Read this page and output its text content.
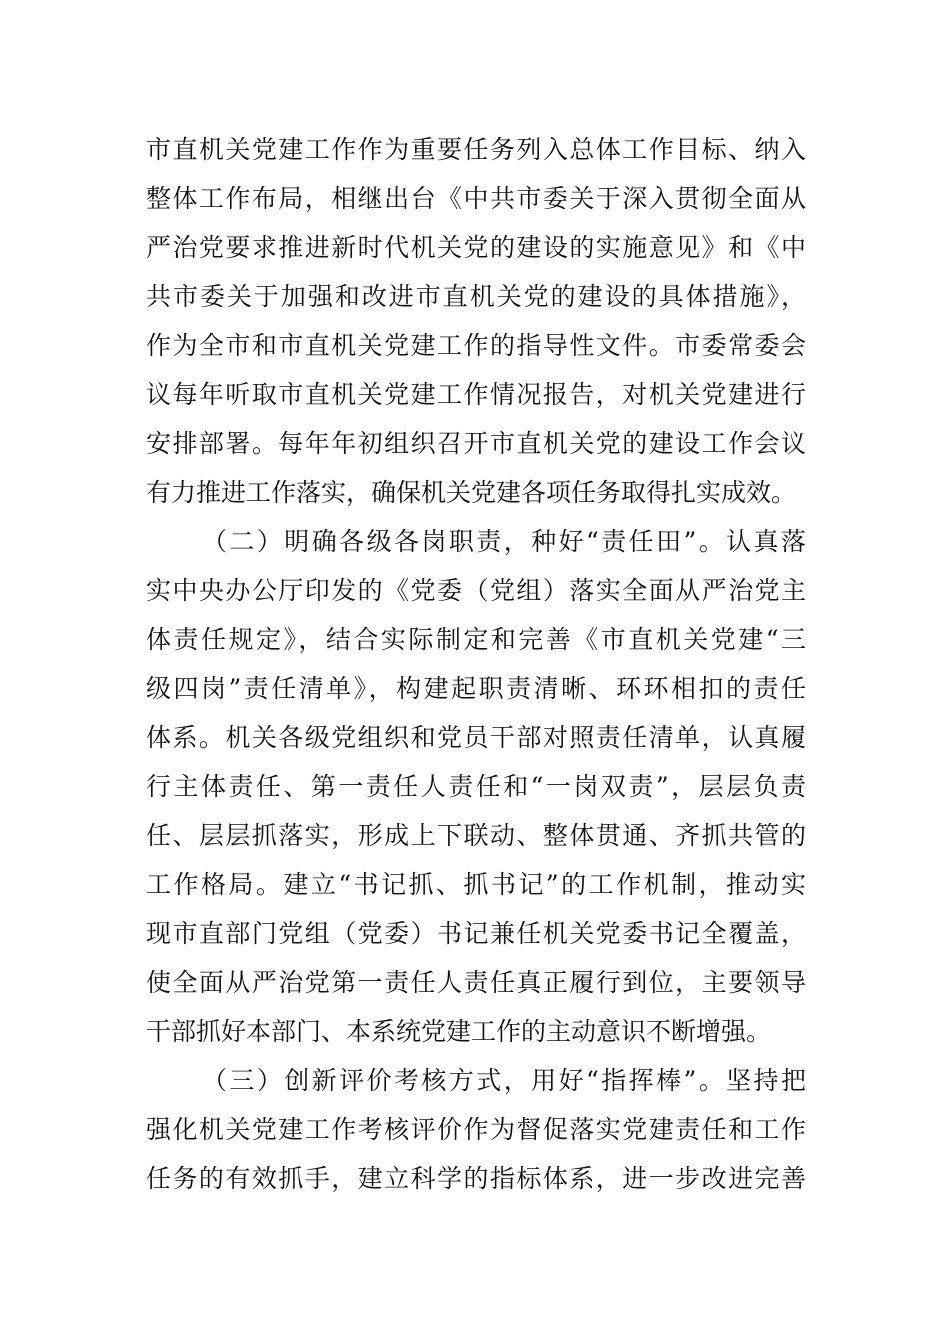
市直机关党建工作作为重要任务列入总体工作目标、纳入
整体工作布局，相继出台《中共市委关于深入贯彻全面从
严治党要求推进新时代机关党的建设的实施意见》和《中
共市委关于加强和改进市直机关党的建设的具体措施》，
作为全市和市直机关党建工作的指导性文件。市委常委会
议每年听取市直机关党建工作情况报告，对机关党建进行
安排部署。每年年初组织召开市直机关党的建设工作会议
有力推进工作落实，确保机关党建各项任务取得扎实成效。
（二）明确各级各岗职责，种好“责任田”。认真落
实中央办公厅印发的《党委（党组）落实全面从严治党主
体责任规定》，结合实际制定和完善《市直机关党建“三
级四岗”责任清单》，构建起职责清晰、环环相扣的责任
体系。机关各级党组织和党员干部对照责任清单，认真履
行主体责任、第一责任人责任和“一岗双责”，层层负责
任、层层抓落实，形成上下联动、整体贯通、齐抓共管的
工作格局。建立“书记抓、抓书记”的工作机制，推动实
现市直部门党组（党委）书记兼任机关党委书记全覆盖，
使全面从严治党第一责任人责任真正履行到位，主要领导
干部抓好本部门、本系统党建工作的主动意识不断增强。
（三）创新评价考核方式，用好“指挥棒”。坚持把
强化机关党建工作考核评价作为督促落实党建责任和工作
任务的有效抓手，建立科学的指标体系，进一步改进完善
